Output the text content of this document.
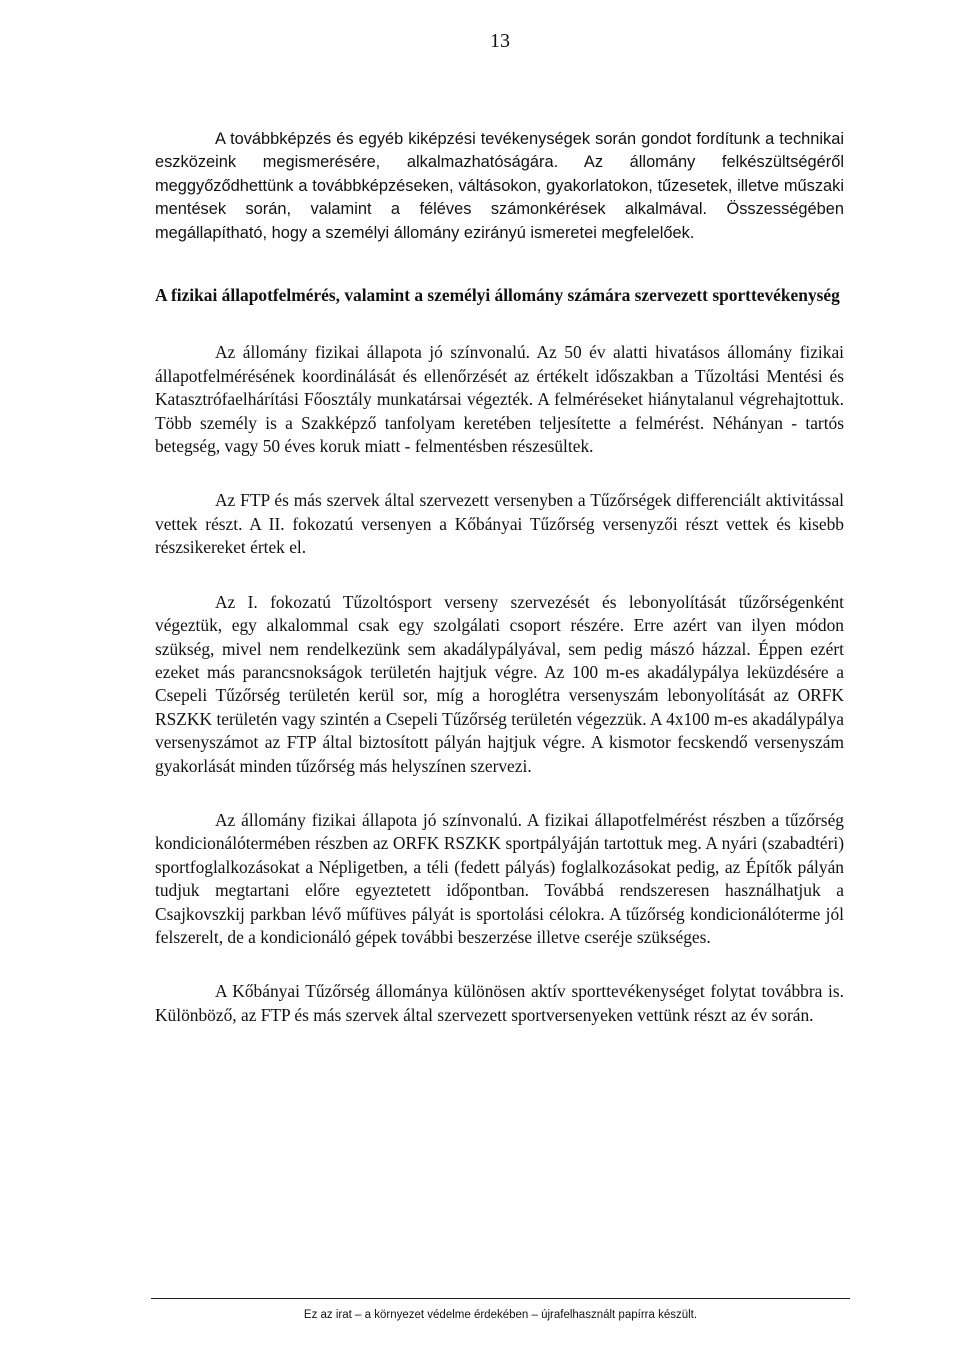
13

A továbbképzés és egyéb kiképzési tevékenységek során gondot fordítunk a technikai eszközeink megismerésére, alkalmazhatóságára. Az állomány felkészültségéről meggyőződhettünk a továbbképzéseken, váltásokon, gyakorlatokon, tűzesetek, illetve műszaki mentések során, valamint a féléves számonkérések alkalmával. Összességében megállapítható, hogy a személyi állomány ezirányú ismeretei megfelelőek.

A fizikai állapotfelmérés, valamint a személyi állomány számára szervezett sporttevékenység

Az állomány fizikai állapota jó színvonalú. Az 50 év alatti hivatásos állomány fizikai állapotfelmérésének koordinálását és ellenőrzését az értékelt időszakban a Tűzoltási Mentési és Katasztrófaelhárítási Főosztály munkatársai végezték. A felméréseket hiánytalanul végrehajtottuk. Több személy is a Szakképző tanfolyam keretében teljesítette a felmérést. Néhányan - tartós betegség, vagy 50 éves koruk miatt - felmentésben részesültek.

Az FTP és más szervek által szervezett versenyben a Tűzőrségek differenciált aktivitással vettek részt. A II. fokozatú versenyen a Kőbányai Tűzőrség versenyzői részt vettek és kisebb részsikereket értek el.

Az I. fokozatú Tűzoltósport verseny szervezését és lebonyolítását tűzőrségenként végeztük, egy alkalommal csak egy szolgálati csoport részére. Erre azért van ilyen módon szükség, mivel nem rendelkezünk sem akadálypályával, sem pedig mászó házzal. Éppen ezért ezeket más parancsnokságok területén hajtjuk végre. Az 100 m-es akadálypálya leküzdésére a Csepeli Tűzőrség területén kerül sor, míg a horoglétra versenyszám lebonyolítását az ORFK RSZKK területén vagy szintén a Csepeli Tűzőrség területén végezzük. A 4x100 m-es akadálypálya versenyszámot az FTP által biztosított pályán hajtjuk végre. A kismotor fecskendő versenyszám gyakorlását minden tűzőrség más helyszínen szervezi.

Az állomány fizikai állapota jó színvonalú. A fizikai állapotfelmérést részben a tűzőrség kondicionálótermében részben az ORFK RSZKK sportpályáján tartottuk meg. A nyári (szabadtéri) sportfoglalkozásokat a Népligetben, a téli (fedett pályás) foglalkozásokat pedig, az Építők pályán tudjuk megtartani előre egyeztetett időpontban. Továbbá rendszeresen használhatjuk a Csajkovszkij parkban lévő műfüves pályát is sportolási célokra. A tűzőrség kondicionálóterme jól felszerelt, de a kondicionáló gépek további beszerzése illetve cseréje szükséges.

A Kőbányai Tűzőrség állománya különösen aktív sporttevékenységet folytat továbbra is. Különböző, az FTP és más szervek által szervezett sportversenyeken vettünk részt az év során.

Ez az irat – a környezet védelme érdekében – újrafelhasznált papírra készült.
